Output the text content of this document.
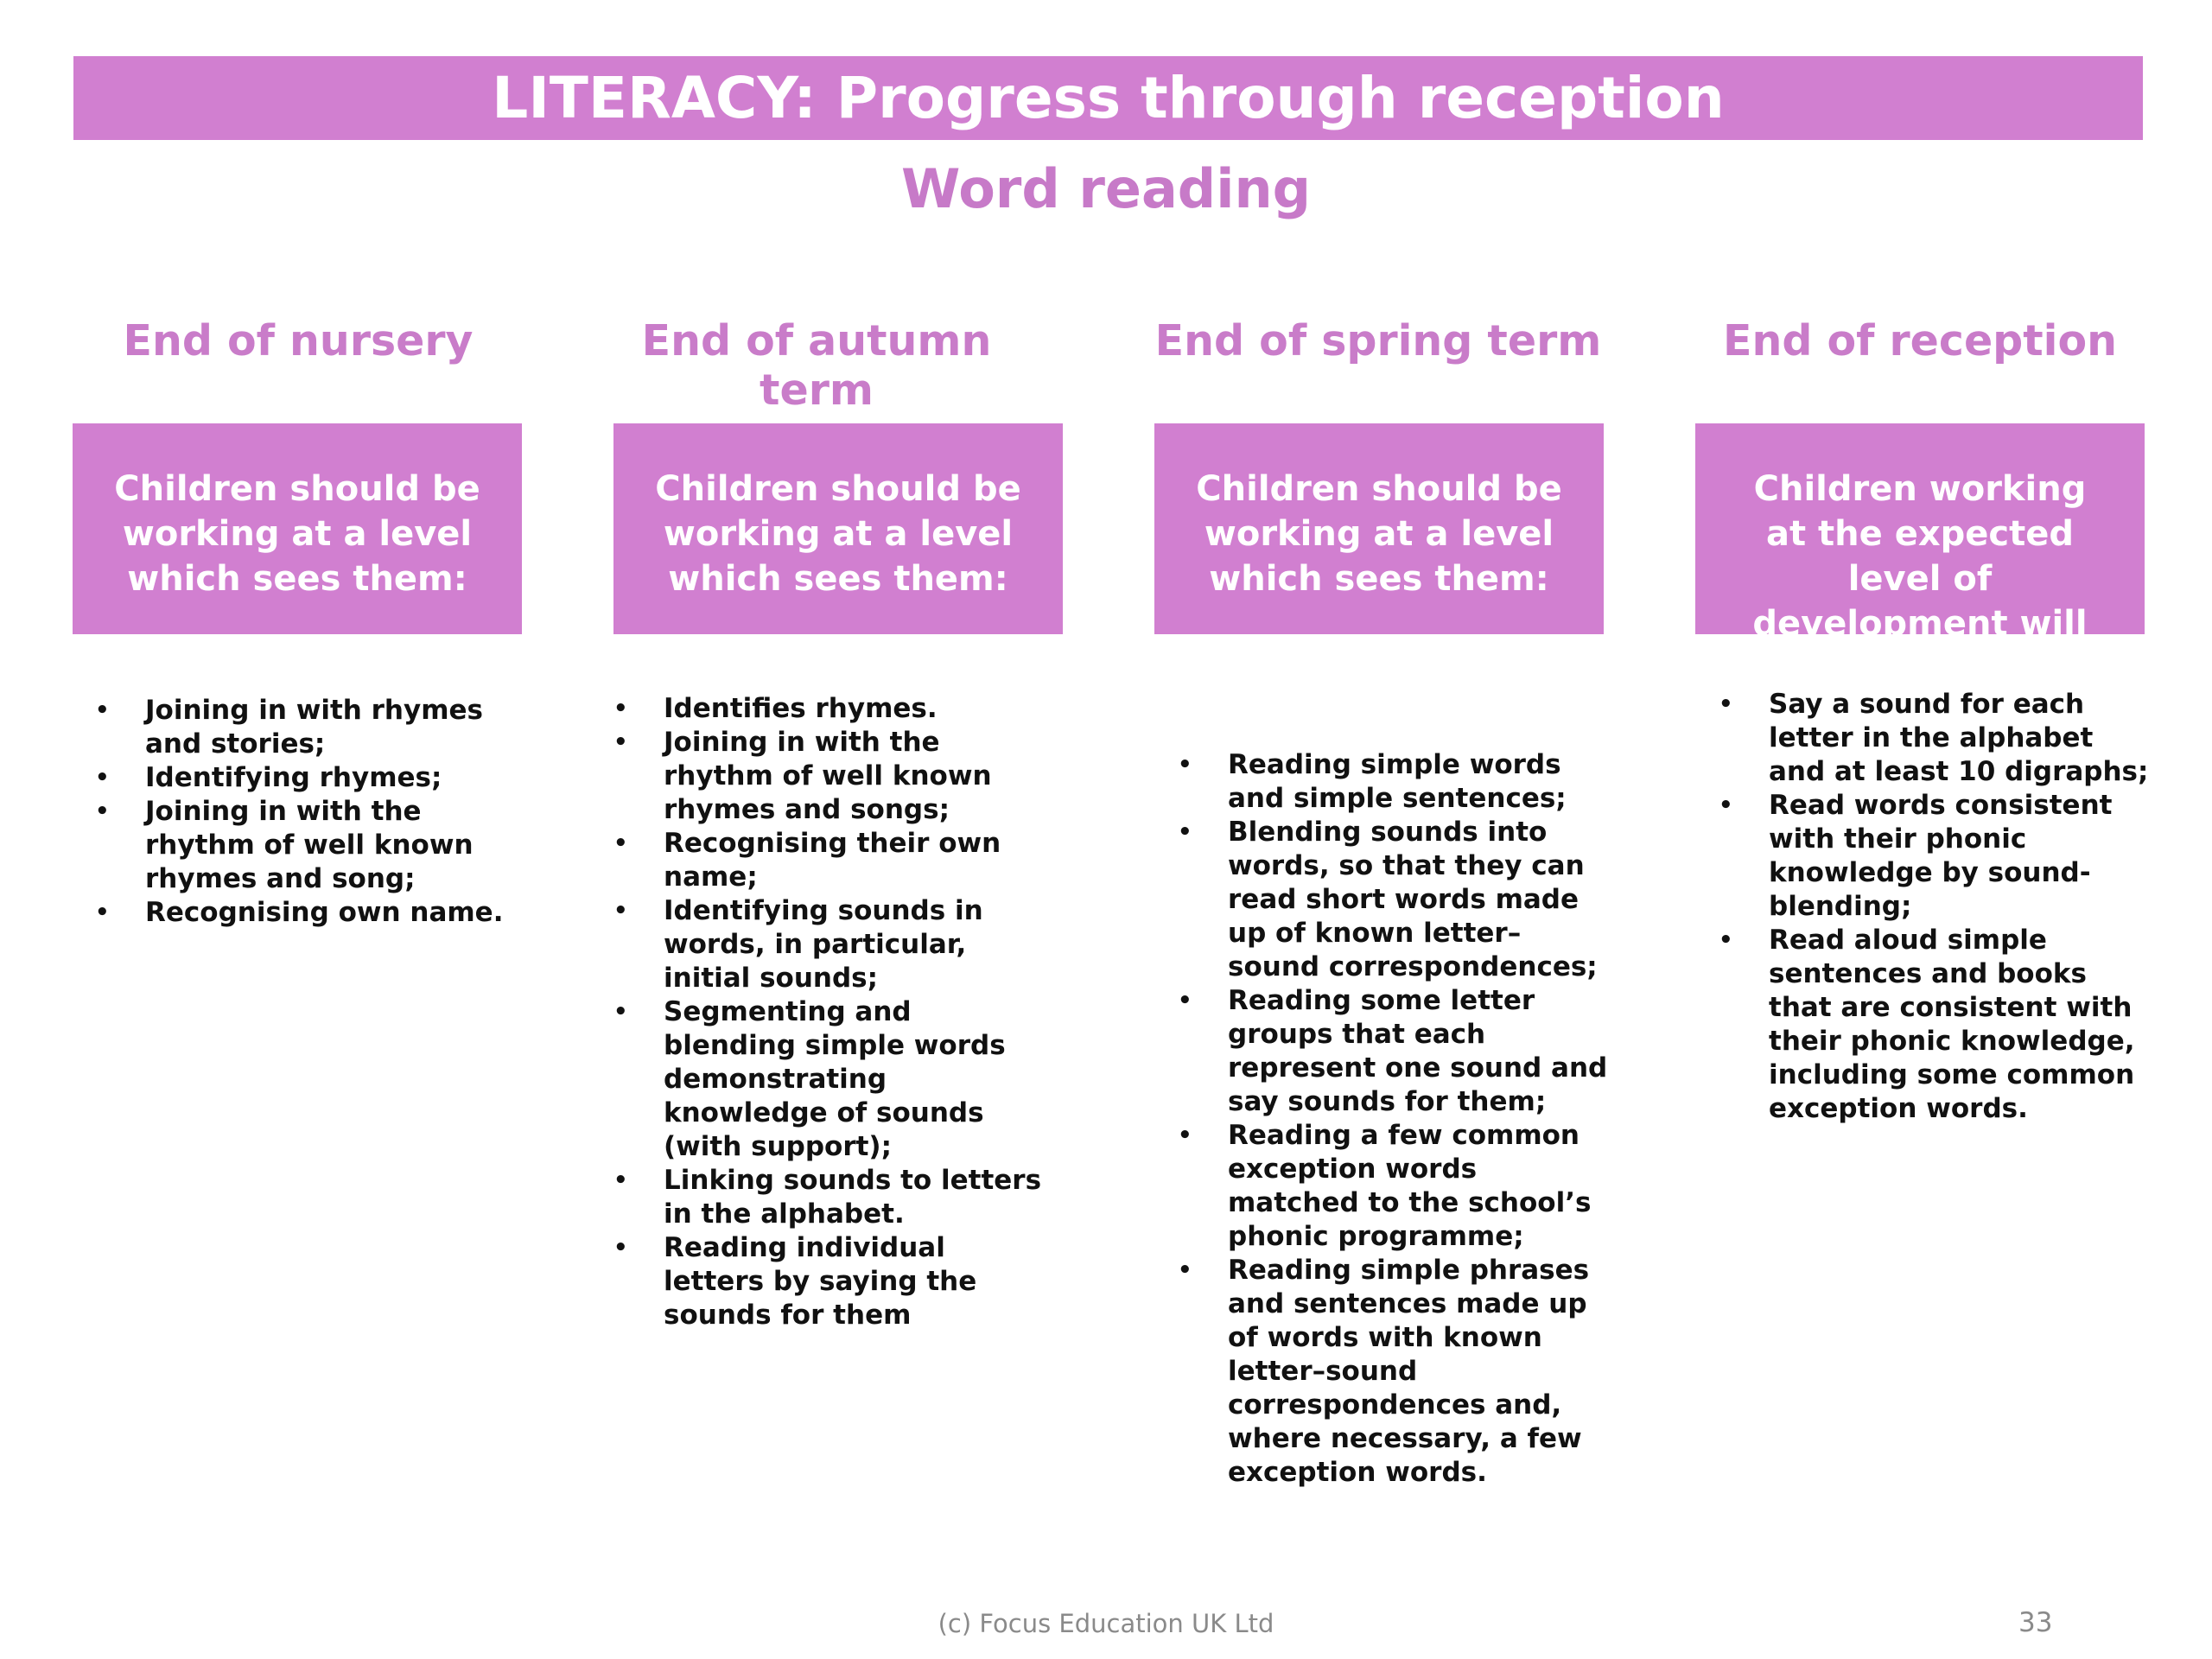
LITERACY: Progress through reception
Word reading
End of nursery
Children should be working at a level which sees them:
• Joining in with rhymes and stories;
• Identifying rhymes;
• Joining in with the rhythm of well known rhymes and song;
• Recognising own name.
End of autumn term
Children should be working at a level which sees them:
• Identifies rhymes.
• Joining in with the rhythm of well known rhymes and songs;
• Recognising their own name;
• Identifying sounds in words, in particular, initial sounds;
• Segmenting and blending simple words demonstrating knowledge of sounds (with support);
• Linking sounds to letters in the alphabet.
• Reading individual letters by saying the sounds for them
End of spring term
Children should be working at a level which sees them:
• Reading simple words and simple sentences;
• Blending sounds into words, so that they can read short words made up of known letter–sound correspondences;
• Reading some letter groups that each represent one sound and say sounds for them;
• Reading a few common exception words matched to the school’s phonic programme;
• Reading simple phrases and sentences made up of words with known letter–sound correspondences and, where necessary, a few exception words.
End of reception
Children working at the expected level of development will
• Say a sound for each letter in the alphabet and at least 10 digraphs;
• Read words consistent with their phonic knowledge by sound-blending;
• Read aloud simple sentences and books that are consistent with their phonic knowledge, including some common exception words.
(c) Focus Education UK Ltd	33
